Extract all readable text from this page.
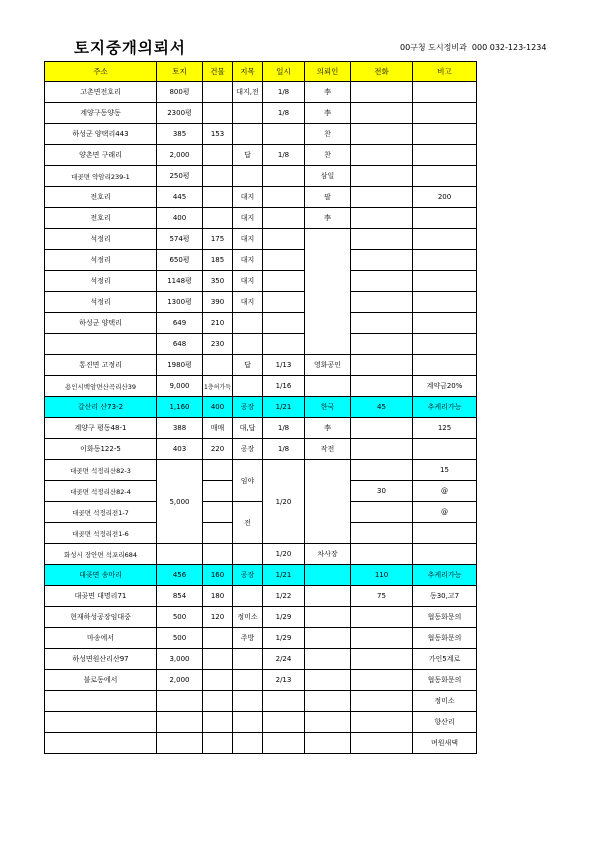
토지중개의뢰서	00구청 도시정비과 000 032-123-1234
주소	토지	건물	지목	일시	의뢰인	전화	비고
고촌면전호리	800평		대지,전	1/8	李		
계양구동양동	2300평			1/8	李		
하성군 양택리443	385	153			찬		
양촌면 구래리	2,000		답	1/8	찬		
대곶면 약암리239-1	250평				삼일		
전호리	445		대지		팔		200
전호리	400		대지		李		
석정리	574평	175	대지				
석정리	650평	185	대지				
석정리	1148평	350	대지				
석정리	1300평	390	대지				
하성군 양택리	649	210					
	648	230					
통진면 고정리	1980평		답	1/13	영화공인		
용인시백암면산곡리산39	9,000	1층허가득		1/16			계약금20%
갈산리 산73-2	1,160	400	공장	1/21	한국	45	추케리가능
계양구 평동48-1	388	매매	대,답	1/8	李		125
이화동122-5	403	220	공장	1/8	작전		
대곶면 석정리산82-3	5,000		임야	1/20			15
대곶면 석정리산82-4						30	@
대곶면 석정리전1-7			전				@
대곶면 석정리전1-6							
화성시 장안면 석포리684				1/20	차사장		
대곶면 송마리	456	160	공장	1/21		110	추케리가능
대곶면 대명리71	854	180		1/22		75	동30,고7
현재하성공장임대중	500	120	정미소	1/29			협동화문의
마송에서	500		주방	1/29			협동화문의
하성면원산리산97	3,000			2/24			가인5계로
불로동에서	2,000			2/13			협동화문의
							정미소
							향산리
							며원새댁
